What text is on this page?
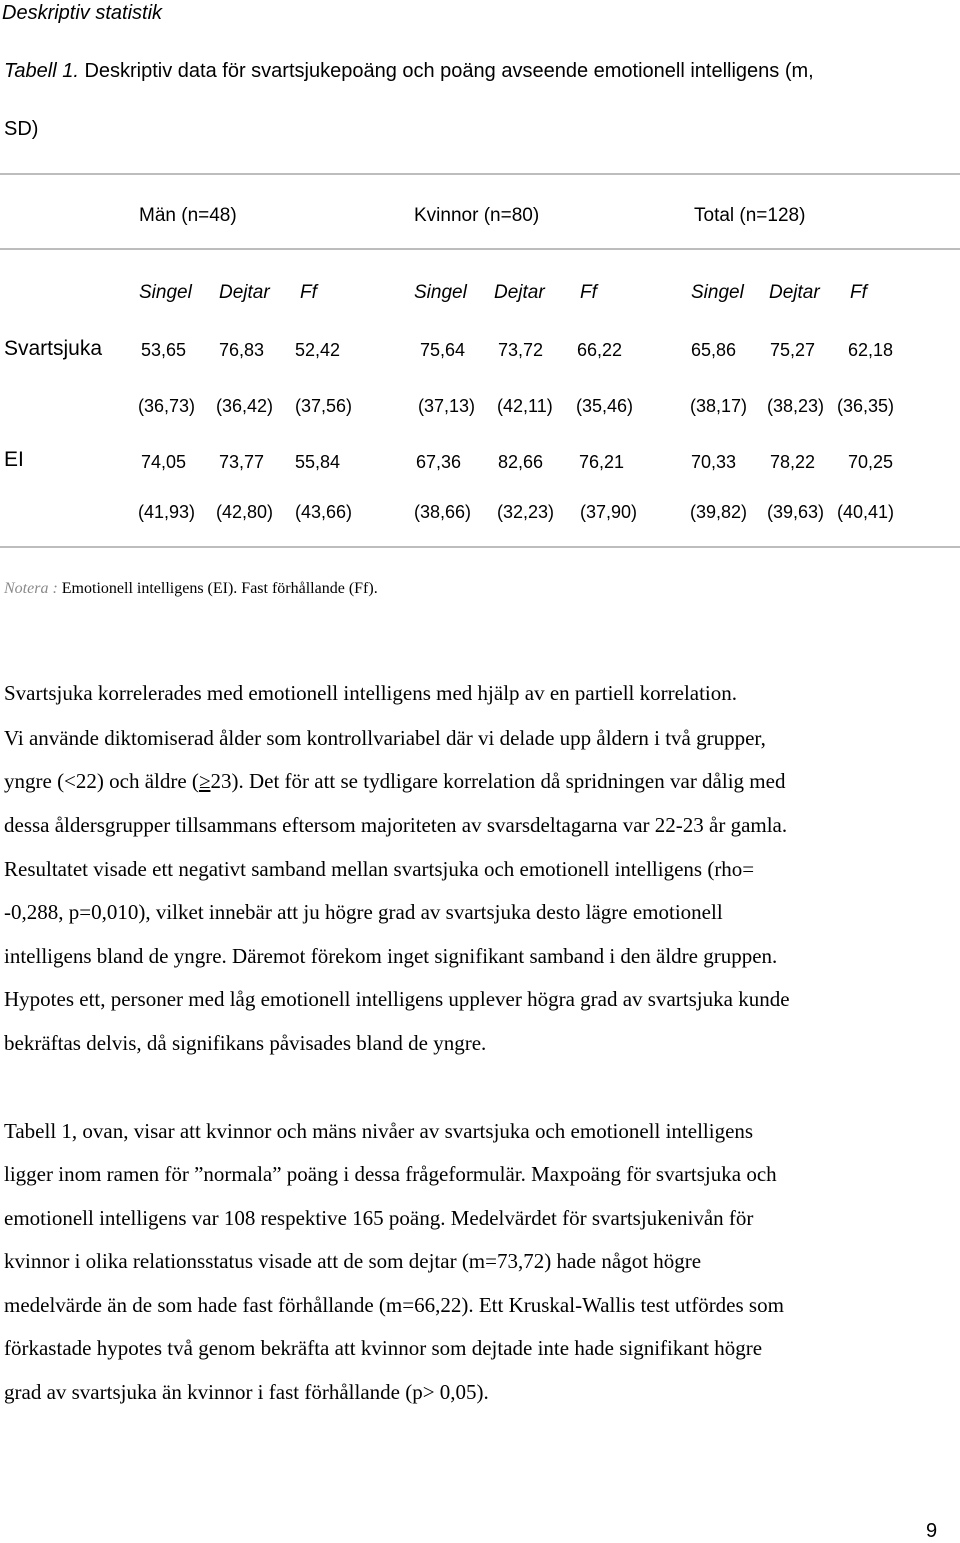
Deskriptiv statistik
Tabell 1. Deskriptiv data för svartsjukepoäng och poäng avseende emotionell intelligens (m,
SD)
Män (n=48)	Kvinnor (n=80)	Total (n=128)
Singel Dejtar Ff	Singel Dejtar Ff	Singel Dejtar Ff
Svartsjuka 53,65 76,83 52,42	75,64 73,72 66,22	65,86 75,27 62,18
(36,73) (36,42) (37,56)	(37,13) (42,11) (35,46)	(38,17) (38,23) (36,35)
EI	74,05 73,77 55,84	67,36 82,66 76,21	70,33 78,22 70,25
(41,93) (42,80) (43,66)	(38,66) (32,23) (37,90)	(39,82) (39,63) (40,41)
Notera : Emotionell intelligens (EI). Fast förhållande (Ff).
Svartsjuka korrelerades med emotionell intelligens med hjälp av en partiell korrelation.
Vi använde diktomiserad ålder som kontrollvariabel där vi delade upp åldern i två grupper,
yngre (<22) och äldre (≥23). Det för att se tydligare korrelation då spridningen var dålig med
dessa åldersgrupper tillsammans eftersom majoriteten av svarsdeltagarna var 22-23 år gamla.
Resultatet visade ett negativt samband mellan svartsjuka och emotionell intelligens (rho=
-0,288, p=0,010), vilket innebär att ju högre grad av svartsjuka desto lägre emotionell
intelligens bland de yngre. Däremot förekom inget signifikant samband i den äldre gruppen.
Hypotes ett, personer med låg emotionell intelligens upplever högra grad av svartsjuka kunde
bekräftas delvis, då signifikans påvisades bland de yngre.
Tabell 1, ovan, visar att kvinnor och mäns nivåer av svartsjuka och emotionell intelligens
ligger inom ramen för ”normala” poäng i dessa frågeformulär. Maxpoäng för svartsjuka och
emotionell intelligens var 108 respektive 165 poäng. Medelvärdet för svartsjukenivån för
kvinnor i olika relationsstatus visade att de som dejtar (m=73,72) hade något högre
medelvärde än de som hade fast förhållande (m=66,22). Ett Kruskal-Wallis test utfördes som
förkastade hypotes två genom bekräfta att kvinnor som dejtade inte hade signifikant högre
grad av svartsjuka än kvinnor i fast förhållande (p> 0,05).
9
